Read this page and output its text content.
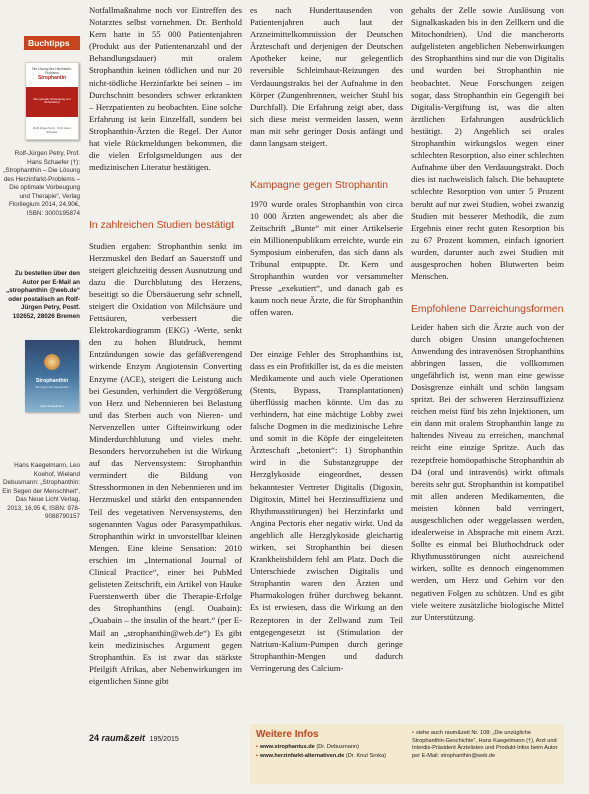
Buchtipps
Die Lösung des Herzinfarkt-Problems
Strophantin
Die optimale Vorbeugung und Behandlung
Rolf-Jürgen Petry · Prof. Hans Schaefer
Rolf-Jürgen Petry, Prof. Hans Schaefer (†): „Strophanthin – Die Lösung des Herzinfarkt-Problems – Die optimale Vorbeugung und Therapie“, Verlag Florilegium 2014, 24,90€, ISBN: 3000195874
Zu bestellen über den Autor per E-Mail an „strophanthin @web.de“ oder postalisch an Rolf-Jürgen Petry, Postf. 102652, 28026 Bremen
Strophanthin
Ein Segen der Menschheit
Hans Kaegelmann
Hans Kaegelmann, Leo Koehof, Wieland Debusmann: „Strophanthin: Ein Segen der Menschheit“, Das Neue Licht Verlag, 2013, 16,95 €, ISBN: 978-9088790157

Notfallmaßnahme noch vor Eintreffen des Notarztes selbst vornehmen. Dr. Berthold Kern hatte in 55 000 Patientenjahren (Produkt aus der Patientenanzahl und der Behandlungsdauer) mit oralem Strophanthin keinen tödlichen und nur 20 nicht-tödliche Herzinfarkte bei seinen – im Durchschnitt besonders schwer erkrankten – Herzpatienten zu beobachten. Eine solche Erfahrung ist kein Einzelfall, sondern bei Strophanthin-Ärzten die Regel. Der Autor hat viele Rückmeldungen bekommen, die die vielen Erfolgsmeldungen aus der medizinischen Literatur bestätigen.

In zahlreichen Studien bestätigt

Studien ergaben: Strophanthin senkt im Herzmuskel den Bedarf an Sauerstoff und steigert gleichzeitig dessen Ausnutzung und dazu die Durchblutung des Herzens, beseitigt so die Übersäuerung sehr schnell, steigert die Oxidation von Milchsäure und Fettsäuren, verbessert die Elektrokardiogramm (EKG) -Werte, senkt den zu hohen Blutdruck, hemmt Entzündungen sowie das gefäßverengend wirkende Enzym Angiotensin Converting Enzyme (ACE), steigert die Leistung auch bei Gesunden, verhindert die Vergrößerung von Herz und Nebennieren bei Belastung und das Sterben auch von Nieren- und Nervenzellen unter Gifteinwirkung oder Minderdurchblutung und vieles mehr. Besonders hervorzuheben ist die Wirkung auf das Nervensystem: Strophanthin vermindert die Bildung von Stresshormonen in den Nebennieren und im Herzmuskel und stärkt den entspannenden Teil des vegetativen Nervensystems, den sogenannten Vagus oder Parasympathikus. Strophanthin wirkt in unvorstellbar kleinen Mengen. Eine kleine Sensation: 2010 erschien im „International Journal of Clinical Practice“, einer bei PubMed gelisteten Zeitschrift, ein Artikel von Hauke Fuerstenwerth über die Therapie-Erfolge des Strophanthins (engl. Ouabain): „Ouabain – the insulin of the heart.“ (per E-Mail an „strophanthin@web.de“) Es gibt kein medizinisches Argument gegen Strophanthin. Es ist zwar das stärkste Pfeilgift Afrikas, aber Nebenwirkungen im eigentlichen Sinne gibt

es nach Hunderttausenden von Patientenjahren auch laut der Arzneimittelkommission der Deutschen Ärzteschaft und derjenigen der Deutschen Apotheker keine, nur gelegentlich reversible Schleimhaut-Reizungen des Verdauungstrakts bei der Aufnahme in den Körper (Zungenbrennen, weicher Stuhl bis Durchfall). Die Erfahrung zeigt aber, dass sich diese meist vermeiden lassen, wenn man mit sehr geringer Dosis anfängt und dann langsam steigert.

Kampagne gegen Strophantin

1970 wurde orales Strophanthin von circa 10 000 Ärzten angewendet; als aber die Zeitschrift „Bunte“ mit einer Artikelserie ein Millionenpublikum erreichte, wurde ein Symposium einberufen, das sich dann als Tribunal entpuppte. Dr. Kern und Strophanthin wurden vor versammelter Presse „exekutiert“, und danach gab es kaum noch neue Ärzte, die für Strophanthin offen waren.

Der einzige Fehler des Strophanthins ist, dass es ein Profitkiller ist, da es die meisten Medikamente und auch viele Operationen (Stents, Bypass, Transplantationen) überflüssig machen könnte. Um das zu verhindern, hat eine mächtige Lobby zwei falsche Dogmen in die medizinische Lehre und somit in die Köpfe der eingeleiteten Ärzteschaft „betoniert“: 1) Strophanthin wird in die Substanzgruppe der Herzglykoside eingeordnet, dessen bekanntester Vertreter Digitalis (Digoxin, Digitoxin, Mittel bei Herzinsuffizienz und Rhythmusstörungen) bei Herzinfarkt und Angina Pectoris eher negativ wirkt. Und da angeblich alle Herzglykoside gleichartig wirken, sei Strophanthin bei diesen Krankheitsbildern fehl am Platz. Doch die Unterschiede zwischen Digitalis und Strophantin waren den Ärzten und Pharmakologen früher durchweg bekannt. Es ist erwiesen, dass die Wirkung an den Rezeptoren in der Zellwand zum Teil entgegengesetzt ist (Stimulation der Natrium-Kalium-Pumpen durch geringe Strophanthin-Mengen und dadurch Verringerung des Calcium-

gehalts der Zelle sowie Auslösung von Signalkaskaden bis in den Zellkern und die Mitochondrien). Und die mancherorts aufgelisteten angeblichen Nebenwirkungen des Strophanthins sind nur die von Digitalis und wurden bei Strophanthin nie beobachtet. Neue Forschungen zeigen sogar, dass Strophanthin ein Gegengift bei Digitalis-Vergiftung ist, was die alten ärztlichen Erfahrungen ausdrücklich bestätigt. 2) Angeblich sei orales Strophanthin wirkungslos wegen einer schlechten Resorption, also einer schlechten Aufnahme über den Verdauungstrakt. Doch dies ist nachweislich falsch. Die behauptete schlechte Resorption von unter 5 Prozent beruht auf nur zwei Studien, wobei zwanzig Studien mit besserer Methodik, die zum Ergebnis einer recht guten Resorption bis zu 67 Prozent kommen, einfach ignoriert wurden, darunter auch zwei Studien mit ausgesprochen hohen Blutwerten beim Menschen.

Empfohlene Darreichungsformen

Leider haben sich die Ärzte auch von der durch obigen Unsinn unangefochtenen Anwendung des intravenösen Strophanthins abbringen lassen, die vollkommen ungefährlich ist, wenn man eine gewisse Dosisgrenze einhält und schön langsam spritzt. Bei der schweren Herzinsuffizienz reichen meist fünf bis zehn Injektionen, um ein dann mit oralem Strophanthin lange zu haltendes Niveau zu erreichen, manchmal reicht eine einzige Spritze. Auch das rezeptfreie homöopathische Strophanthin ab D4 (oral und intravenös) wirkt oftmals bereits sehr gut. Strophanthin ist kompatibel mit allen anderen Medikamenten, die meisten können bald verringert, ausgeschlichen oder weggelassen werden, idealerweise in Absprache mit einem Arzt. Sollte es einmal bei Bluthochdruck oder Rhythmusstörungen nicht ausreichend wirken, sollte es dennoch eingenommen werden, um Herz und Gehirn vor den negativen Folgen zu schützen. Und es gibt viele weitere zusätzliche biologische Mittel zur Unterstützung.

24 raum&zeit 195/2015	Weitere Infos
▪ www.strophantus.de (Dr. Debusmann)
▪ www.herzinfarkt-alternativen.de (Dr. Knut Sroka)
▪ siehe auch raum&zeit Nr. 108: „Die unzügliche Strophanthin-Geschichte“, Hans Kaegelmann (†), Arzt und Interdis-Präsident Ärztelisten und Produkt-Infos beim Autor per E-Mail: strophanthin@web.de
